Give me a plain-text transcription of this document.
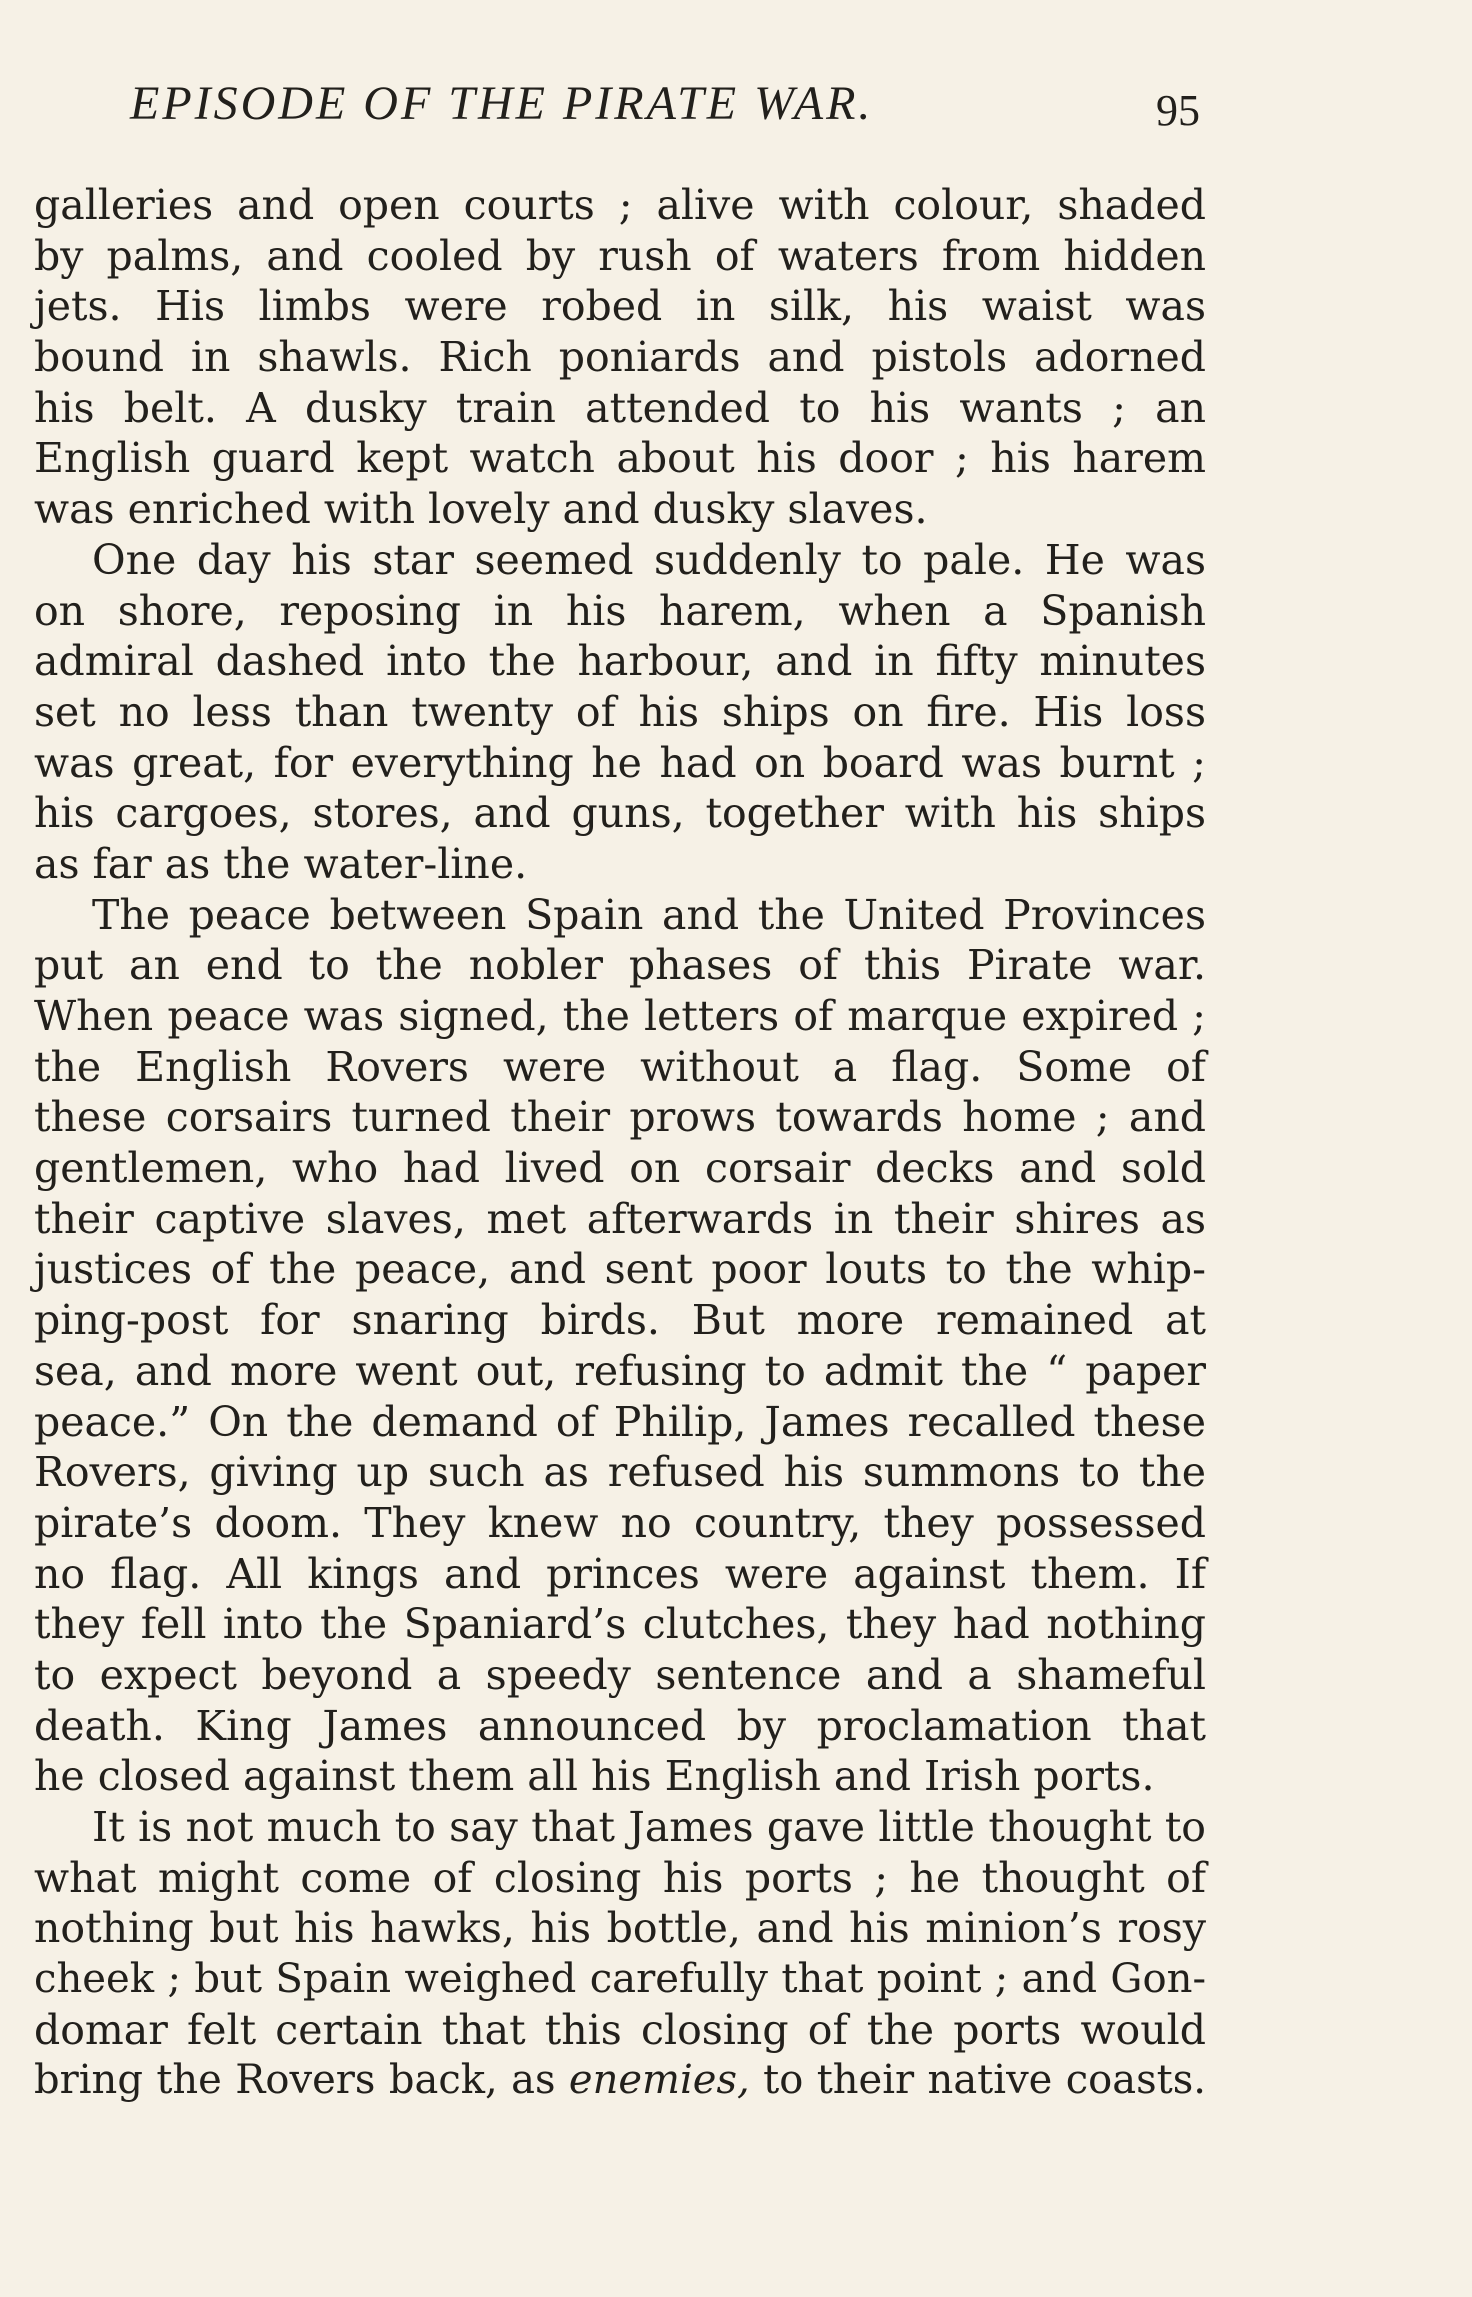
EPISODE OF THE PIRATE WAR.	95
galleries and open courts ; alive with colour, shaded
by palms, and cooled by rush of waters from hidden
jets. His limbs were robed in silk, his waist was
bound in shawls. Rich poniards and pistols adorned
his belt. A dusky train attended to his wants ; an
English guard kept watch about his door ; his harem
was enriched with lovely and dusky slaves.
One day his star seemed suddenly to pale. He was
on shore, reposing in his harem, when a Spanish
admiral dashed into the harbour, and in fifty minutes
set no less than twenty of his ships on fire. His loss
was great, for everything he had on board was burnt ;
his cargoes, stores, and guns, together with his ships
as far as the water-line.
The peace between Spain and the United Provinces
put an end to the nobler phases of this Pirate war.
When peace was signed, the letters of marque expired ;
the English Rovers were without a flag. Some of
these corsairs turned their prows towards home ; and
gentlemen, who had lived on corsair decks and sold
their captive slaves, met afterwards in their shires as
justices of the peace, and sent poor louts to the whip-
ping-post for snaring birds. But more remained at
sea, and more went out, refusing to admit the “ paper
peace.” On the demand of Philip, James recalled these
Rovers, giving up such as refused his summons to the
pirate’s doom. They knew no country, they possessed
no flag. All kings and princes were against them. If
they fell into the Spaniard’s clutches, they had nothing
to expect beyond a speedy sentence and a shameful
death. King James announced by proclamation that
he closed against them all his English and Irish ports.
It is not much to say that James gave little thought to
what might come of closing his ports ; he thought of
nothing but his hawks, his bottle, and his minion’s rosy
cheek ; but Spain weighed carefully that point ; and Gon-
domar felt certain that this closing of the ports would
bring the Rovers back, as enemies, to their native coasts.
